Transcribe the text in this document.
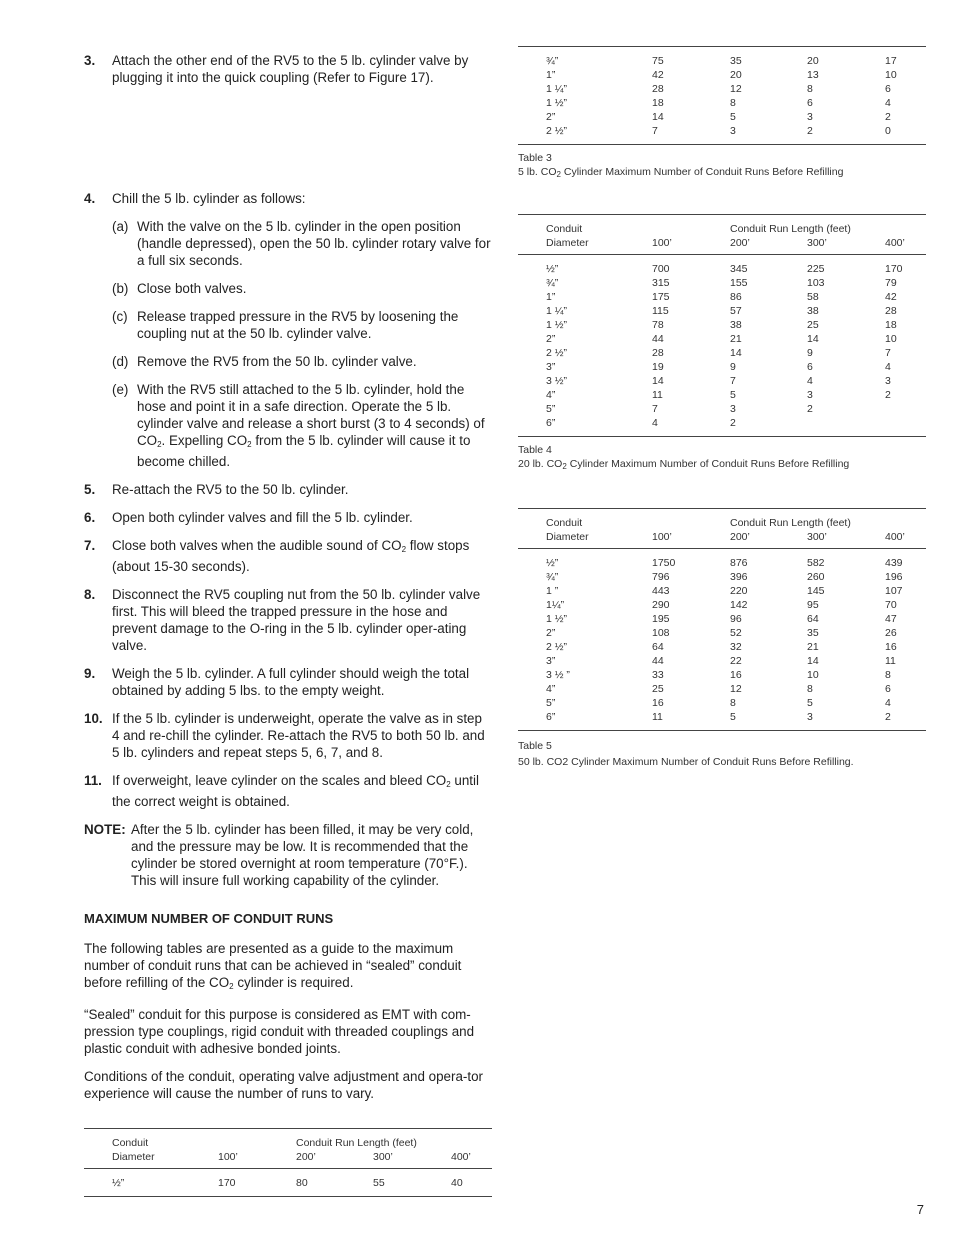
3.	Attach the other end of the RV5 to the 5 lb. cylinder valve by plugging it into the quick coupling (Refer to Figure 17).
4.	Chill the 5 lb. cylinder as follows:
(a) With the valve on the 5 lb. cylinder in the open position (handle depressed), open the 50 lb. cylinder rotary valve for a full six seconds.
(b) Close both valves.
(c) Release trapped pressure in the RV5 by loosening the coupling nut at the 50 lb. cylinder valve.
(d) Remove the RV5 from the 50 lb. cylinder valve.
(e) With the RV5 still attached to the 5 lb. cylinder, hold the hose and point it in a safe direction. Operate the 5 lb. cylinder valve and release a short burst (3 to 4 seconds) of $CO_2$. Expelling $CO_2$ from the 5 lb. cylinder will cause it to become chilled.
5.	Re-attach the RV5 to the 50 lb. cylinder.
6.	Open both cylinder valves and fill the 5 lb. cylinder.
7.	Close both valves when the audible sound of $CO_2$ flow stops (about 15-30 seconds).
8.	Disconnect the RV5 coupling nut from the 50 lb. cylinder valve first. This will bleed the trapped pressure in the hose and prevent damage to the O-ring in the 5 lb. cylinder oper-ating valve.
9.	Weigh the 5 lb. cylinder. A full cylinder should weigh the total obtained by adding 5 lbs. to the empty weight.
10. If the 5 lb. cylinder is underweight, operate the valve as in step 4 and re-chill the cylinder. Re-attach the RV5 to both 50 lb. and 5 lb. cylinders and repeat steps 5, 6, 7, and 8.
11. If overweight, leave cylinder on the scales and bleed $CO_2$ until the correct weight is obtained.
NOTE: After the 5 lb. cylinder has been filled, it may be very cold, and the pressure may be low. It is recommended that the cylinder be stored overnight at room temperature (70°F.). This will insure full working capability of the cylinder.
MAXIMUM NUMBER OF CONDUIT RUNS
The following tables are presented as a guide to the maximum number of conduit runs that can be achieved in “sealed” conduit before refilling of the $CO_2$ cylinder is required.
“Sealed” conduit for this purpose is considered as EMT with com-pression type couplings, rigid conduit with threaded couplings and plastic conduit with adhesive bonded joints.
Conditions of the conduit, operating valve adjustment and opera-tor experience will cause the number of runs to vary.
Conduit		Conduit Run Length (feet)		
Diameter	100’	200’	300’	400’
½”	170	80	55	40
¾”	75	35	20	17
1”	42	20	13	10
1 ¼”	28	12	8	6
1 ½”	18	8	6	4
2”	14	5	3	2
2 ½”	7	3	2	0
Table 3
5 lb. $CO_2$ Cylinder Maximum Number of Conduit Runs Before Refilling
Conduit		Conduit Run Length (feet)		
Diameter	100’	200’	300’	400’
½”	700	345	225	170
¾”	315	155	103	79
1”	175	86	58	42
1 ¼”	115	57	38	28
1 ½”	78	38	25	18
2”	44	21	14	10
2 ½”	28	14	9	7
3”	19	9	6	4
3 ½”	14	7	4	3
4”	11	5	3	2
5”	7	3	2	
6”	4	2		
Table 4
20 lb. $CO_2$ Cylinder Maximum Number of Conduit Runs Before Refilling
Conduit		Conduit Run Length (feet)		
Diameter	100’	200’	300’	400’
½”	1750	876	582	439
¾”	796	396	260	196
1 ”	443	220	145	107
1¼”	290	142	95	70
1 ½”	195	96	64	47
2”	108	52	35	26
2 ½”	64	32	21	16
3”	44	22	14	11
3 ½ ”	33	16	10	8
4”	25	12	8	6
5”	16	8	5	4
6”	11	5	3	2
Table 5
50 lb. CO2 Cylinder Maximum Number of Conduit Runs Before Refilling.
7
